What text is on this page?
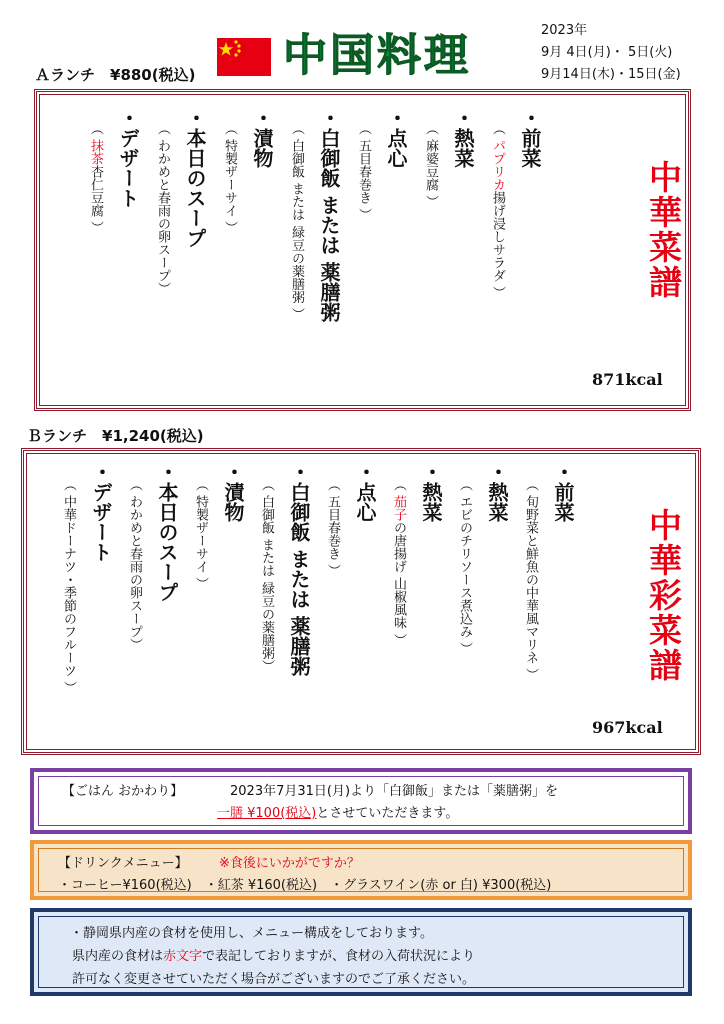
中国料理	2023年
9月 4日(月)・ 5日(火)
9月14日(木)・15日(金)
Ａランチ　¥880(税込)
中華菜譜
871kcal
・前菜
（ パプリカ揚げ浸しサラダ ）
・熱菜
（ 麻婆豆腐 ）
・点心
（ 五目春巻き ）
・白御飯 または 薬膳粥
（ 白御飯 または 緑豆の薬膳粥 ）
・漬物
（ 特製ザーサイ ）
・本日のスープ
（ わかめと春雨の卵スープ）
・デザート
（ 抹茶杏仁豆腐 ）
Ｂランチ　¥1,240(税込)
中華彩菜譜
967kcal
・前菜
（ 旬野菜と鮮魚の中華風マリネ ）
・熱菜
（ エビのチリソース煮込み ）
・熱菜
（ 茄子の唐揚げ 山椒風味 ）
・点心
（ 五目春巻き ）
・白御飯 または 薬膳粥
（ 白御飯 または 緑豆の薬膳粥）
・漬物
（ 特製ザーサイ ）
・本日のスープ
（ わかめと春雨の卵スープ）
・デザート
（ 中華ドーナツ・季節のフルーツ ）
【ごはん おかわり】	2023年7月31日(月)より「白御飯」または「薬膳粥」を
一膳 ¥100(税込)とさせていただきます。
【ドリンクメニュー】 ※食後にいかがですか？
・コーヒー¥160(税込)　・紅茶 ¥160(税込)　・グラスワイン(赤 or 白) ¥300(税込)
・静岡県内産の食材を使用し、メニュー構成をしております。
県内産の食材は赤文字で表記しておりますが、食材の入荷状況により
許可なく変更させていただく場合がございますのでご了承ください。
